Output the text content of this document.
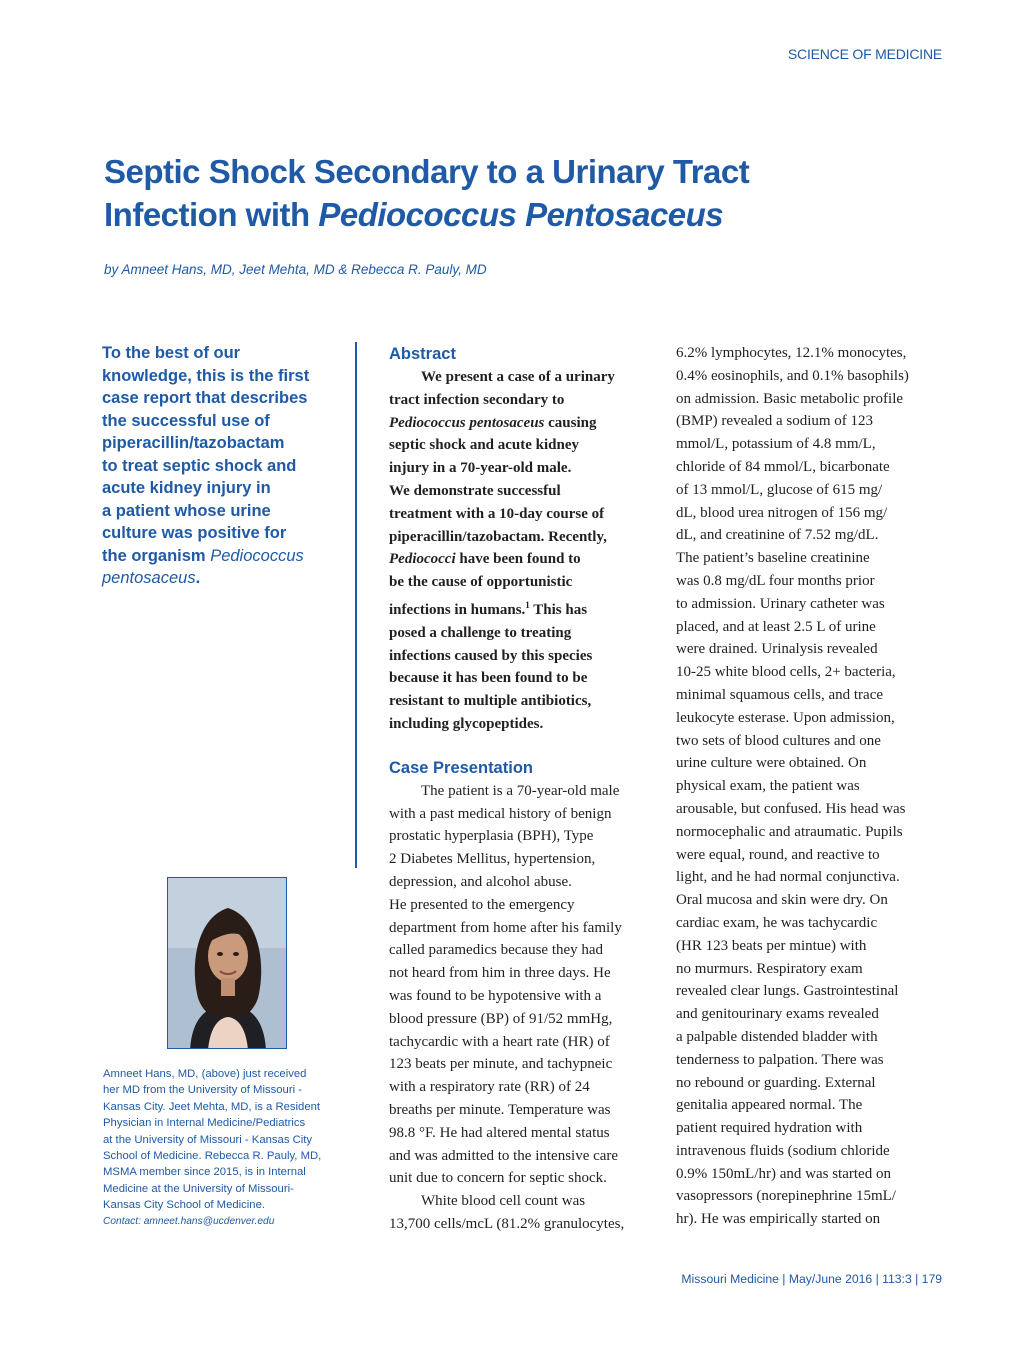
SCIENCE OF MEDICINE
Septic Shock Secondary to a Urinary Tract
Infection with Pediococcus Pentosaceus
by Amneet Hans, MD, Jeet Mehta, MD & Rebecca R. Pauly, MD
To the best of our
knowledge, this is the first
case report that describes
the successful use of
piperacillin/tazobactam
to treat septic shock and
acute kidney injury in
a patient whose urine
culture was positive for
the organism Pediococcus
pentosaceus.
Amneet Hans, MD, (above) just received
her MD from the University of Missouri -
Kansas City. Jeet Mehta, MD, is a Resident
Physician in Internal Medicine/Pediatrics
at the University of Missouri - Kansas City
School of Medicine. Rebecca R. Pauly, MD,
MSMA member since 2015, is in Internal
Medicine at the University of Missouri-
Kansas City School of Medicine.
Contact: amneet.hans@ucdenver.edu
Abstract
We present a case of a urinary
tract infection secondary to
Pediococcus pentosaceus causing
septic shock and acute kidney
injury in a 70-year-old male.
We demonstrate successful
treatment with a 10-day course of
piperacillin/tazobactam. Recently,
Pediococci have been found to
be the cause of opportunistic
infections in humans.$^1$ This has
posed a challenge to treating
infections caused by this species
because it has been found to be
resistant to multiple antibiotics,
including glycopeptides.
Case Presentation
The patient is a 70-year-old male
with a past medical history of benign
prostatic hyperplasia (BPH), Type
2 Diabetes Mellitus, hypertension,
depression, and alcohol abuse.
He presented to the emergency
department from home after his family
called paramedics because they had
not heard from him in three days. He
was found to be hypotensive with a
blood pressure (BP) of 91/52 mmHg,
tachycardic with a heart rate (HR) of
123 beats per minute, and tachypneic
with a respiratory rate (RR) of 24
breaths per minute. Temperature was
98.8 °F. He had altered mental status
and was admitted to the intensive care
unit due to concern for septic shock.
White blood cell count was
13,700 cells/mcL (81.2% granulocytes,
6.2% lymphocytes, 12.1% monocytes,
0.4% eosinophils, and 0.1% basophils)
on admission. Basic metabolic profile
(BMP) revealed a sodium of 123
mmol/L, potassium of 4.8 mm/L,
chloride of 84 mmol/L, bicarbonate
of 13 mmol/L, glucose of 615 mg/
dL, blood urea nitrogen of 156 mg/
dL, and creatinine of 7.52 mg/dL.
The patient’s baseline creatinine
was 0.8 mg/dL four months prior
to admission. Urinary catheter was
placed, and at least 2.5 L of urine
were drained. Urinalysis revealed
10-25 white blood cells, 2+ bacteria,
minimal squamous cells, and trace
leukocyte esterase. Upon admission,
two sets of blood cultures and one
urine culture were obtained. On
physical exam, the patient was
arousable, but confused. His head was
normocephalic and atraumatic. Pupils
were equal, round, and reactive to
light, and he had normal conjunctiva.
Oral mucosa and skin were dry. On
cardiac exam, he was tachycardic
(HR 123 beats per mintue) with
no murmurs. Respiratory exam
revealed clear lungs. Gastrointestinal
and genitourinary exams revealed
a palpable distended bladder with
tenderness to palpation. There was
no rebound or guarding. External
genitalia appeared normal. The
patient required hydration with
intravenous fluids (sodium chloride
0.9% 150mL/hr) and was started on
vasopressors (norepinephrine 15mL/
hr). He was empirically started on
Missouri Medicine | May/June 2016 | 113:3 | 179
